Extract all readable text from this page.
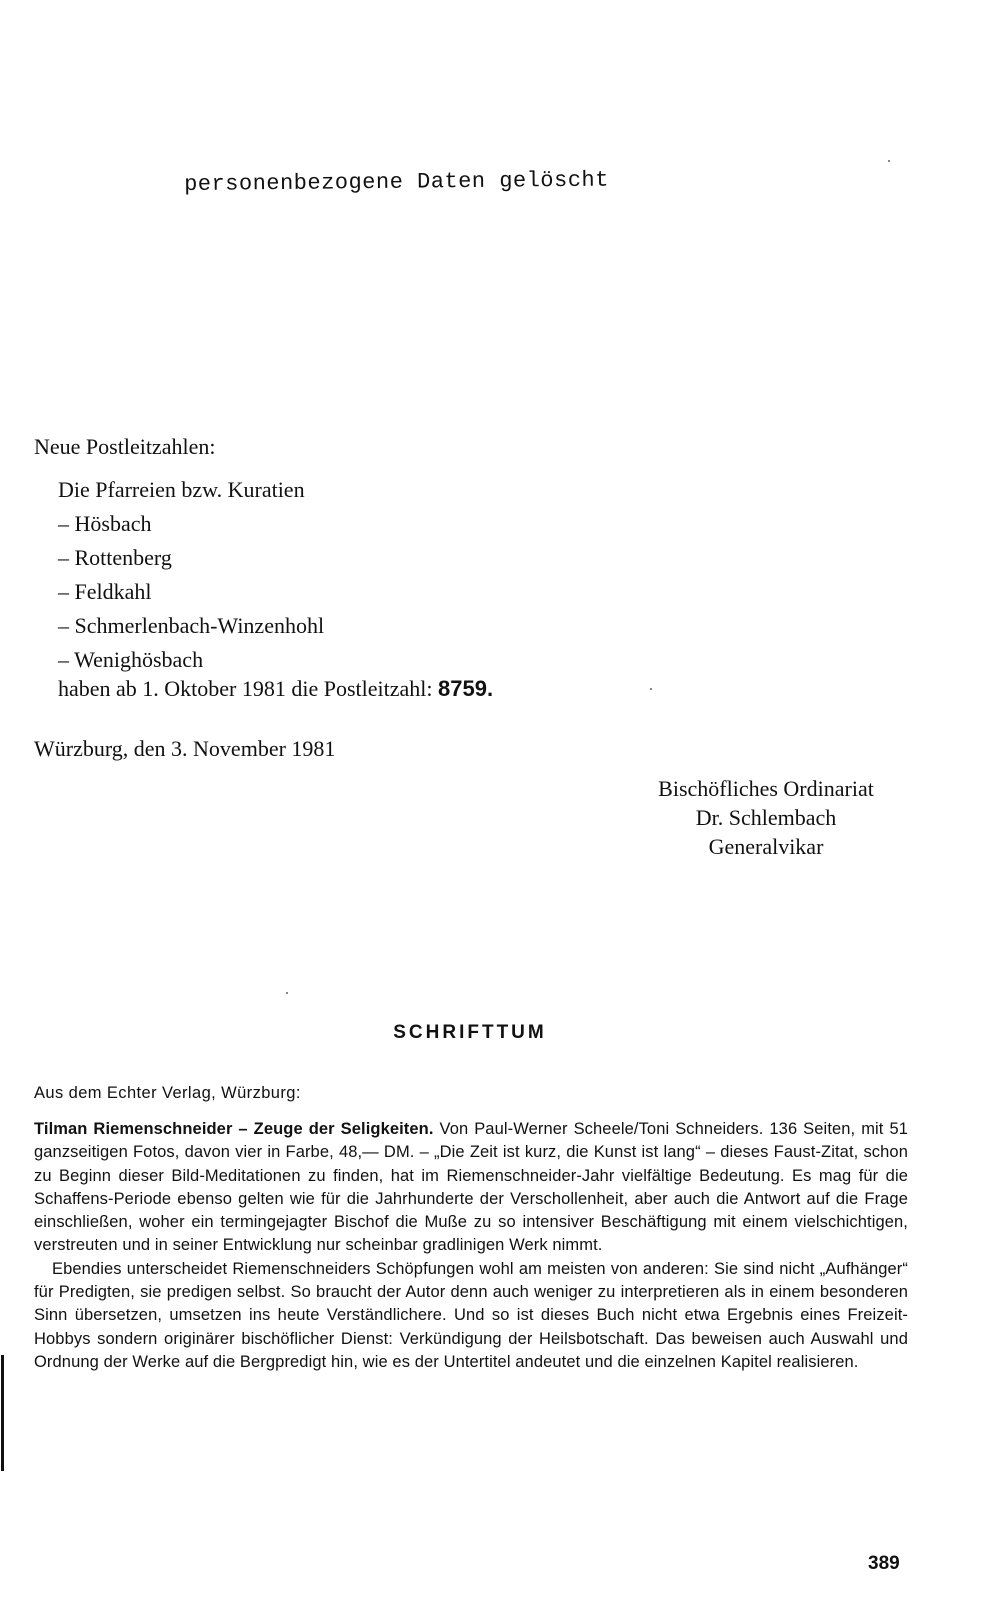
personenbezogene Daten gelöscht
Neue Postleitzahlen:
Die Pfarreien bzw. Kuratien
– Hösbach
– Rottenberg
– Feldkahl
– Schmerlenbach-Winzenhohl
– Wenighösbach
haben ab 1. Oktober 1981 die Postleitzahl: 8759.
Würzburg, den 3. November 1981
Bischöfliches Ordinariat
Dr. Schlembach
Generalvikar
SCHRIFTTUM
Aus dem Echter Verlag, Würzburg:

Tilman Riemenschneider – Zeuge der Seligkeiten. Von Paul-Werner Scheele/Toni Schneiders. 136 Seiten, mit 51 ganzseitigen Fotos, davon vier in Farbe, 48,— DM. – „Die Zeit ist kurz, die Kunst ist lang“ – dieses Faust-Zitat, schon zu Beginn dieser Bild-Meditationen zu finden, hat im Riemenschneider-Jahr vielfältige Bedeutung. Es mag für die Schaffens-Periode ebenso gelten wie für die Jahrhunderte der Verschollenheit, aber auch die Antwort auf die Frage einschließen, woher ein termingejagter Bischof die Muße zu so intensiver Beschäftigung mit einem vielschichtigen, verstreuten und in seiner Entwicklung nur scheinbar gradlinigen Werk nimmt.

Ebendies unterscheidet Riemenschneiders Schöpfungen wohl am meisten von anderen: Sie sind nicht „Aufhänger“ für Predigten, sie predigen selbst. So braucht der Autor denn auch weniger zu interpretieren als in einem besonderen Sinn übersetzen, umsetzen ins heute Verständlichere. Und so ist dieses Buch nicht etwa Ergebnis eines Freizeit-Hobbys sondern originärer bischöflicher Dienst: Verkündigung der Heilsbotschaft. Das beweisen auch Auswahl und Ordnung der Werke auf die Bergpredigt hin, wie es der Untertitel andeutet und die einzelnen Kapitel realisieren.

389
